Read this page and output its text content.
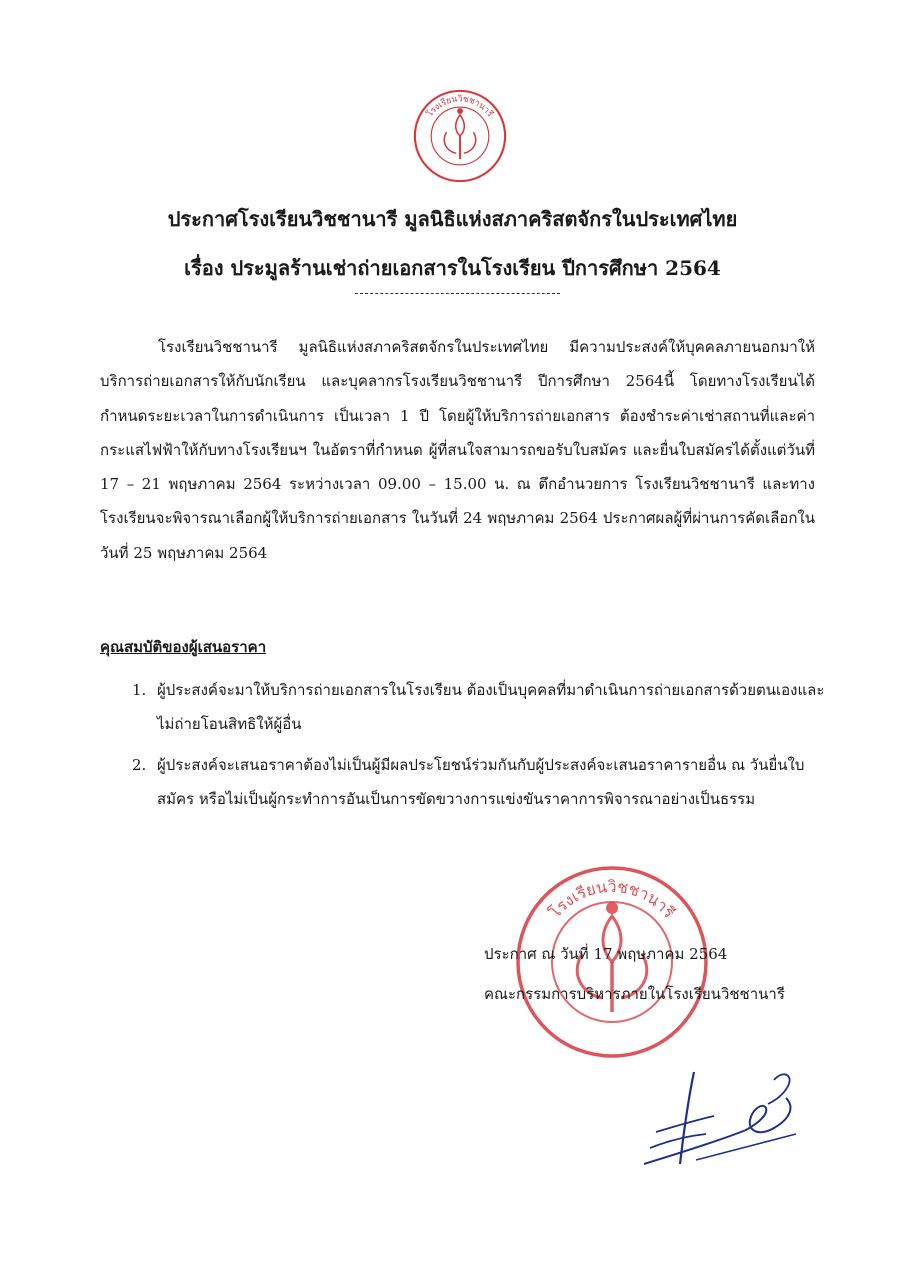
โรงเรียนวิชชานารี
ประกาศโรงเรียนวิชชานารี มูลนิธิแห่งสภาคริสตจักรในประเทศไทย
เรื่อง ประมูลร้านเช่าถ่ายเอกสารในโรงเรียน ปีการศึกษา 2564
โรงเรียนวิชชานารี มูลนิธิแห่งสภาคริสตจักรในประเทศไทย มีความประสงค์ให้บุคคลภายนอกมาให้บริการถ่ายเอกสารให้กับนักเรียน และบุคลากรโรงเรียนวิชชานารี ปีการศึกษา 2564นี้ โดยทางโรงเรียนได้กำหนดระยะเวลาในการดำเนินการ เป็นเวลา 1 ปี โดยผู้ให้บริการถ่ายเอกสาร ต้องชำระค่าเช่าสถานที่และค่ากระแสไฟฟ้าให้กับทางโรงเรียนฯ ในอัตราที่กำหนด ผู้ที่สนใจสามารถขอรับใบสมัคร และยื่นใบสมัครได้ตั้งแต่วันที่ 17 – 21 พฤษภาคม 2564 ระหว่างเวลา 09.00 – 15.00 น. ณ ตึกอำนวยการ โรงเรียนวิชชานารี และทางโรงเรียนจะพิจารณาเลือกผู้ให้บริการถ่ายเอกสาร ในวันที่ 24 พฤษภาคม 2564 ประกาศผลผู้ที่ผ่านการคัดเลือกในวันที่ 25 พฤษภาคม 2564
คุณสมบัติของผู้เสนอราคา
1. ผู้ประสงค์จะมาให้บริการถ่ายเอกสารในโรงเรียน ต้องเป็นบุคคลที่มาดำเนินการถ่ายเอกสารด้วยตนเองและไม่ถ่ายโอนสิทธิให้ผู้อื่น
2. ผู้ประสงค์จะเสนอราคาต้องไม่เป็นผู้มีผลประโยชน์ร่วมกันกับผู้ประสงค์จะเสนอราคารายอื่น ณ วันยื่นใบสมัคร หรือไม่เป็นผู้กระทำการอันเป็นการขัดขวางการแข่งขันราคาการพิจารณาอย่างเป็นธรรม
โรงเรียนวิชชานารี
ประกาศ ณ วันที่ 17 พฤษภาคม 2564
คณะกรรมการบริหารภายในโรงเรียนวิชชานารี
